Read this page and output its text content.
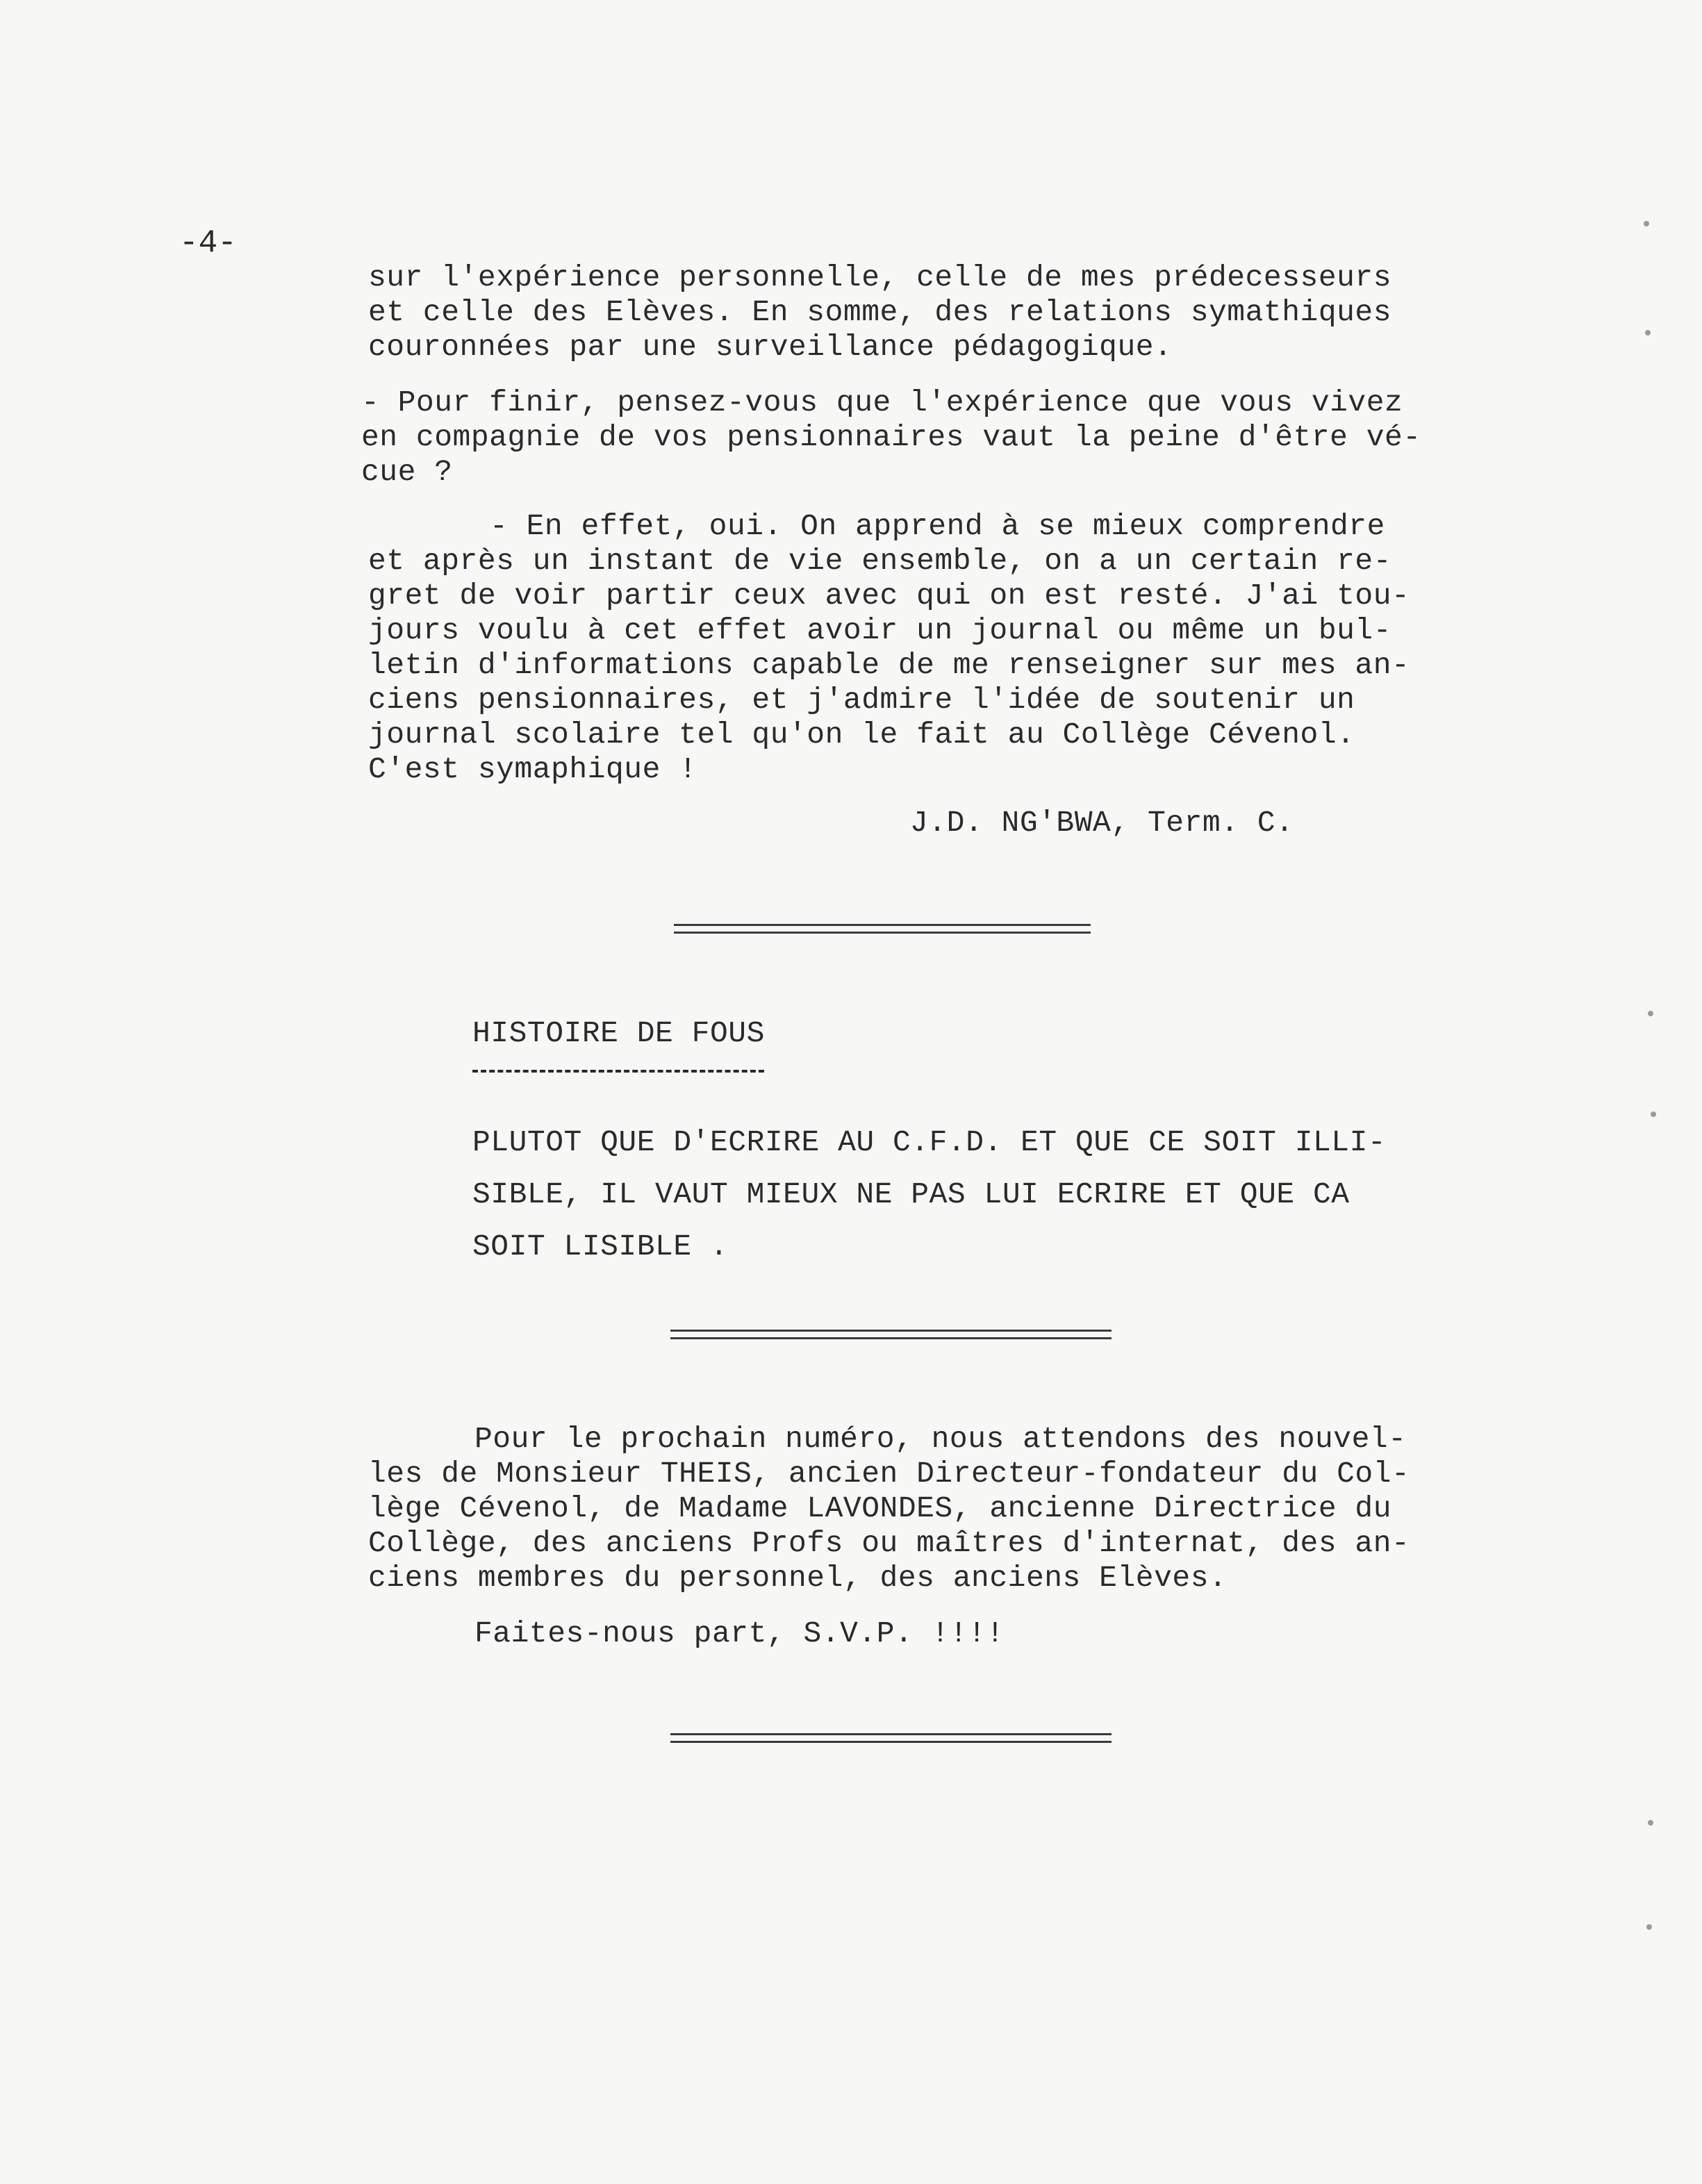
-4-

sur l'expérience personnelle, celle de mes prédecesseurs

et celle des Elèves. En somme, des relations symathiques

couronnées par une surveillance pédagogique.

- Pour finir, pensez-vous que l'expérience que vous vivez

en compagnie de vos pensionnaires vaut la peine d'être vé-

cue ?

- En effet, oui. On apprend à se mieux comprendre

et après un instant de vie ensemble, on a un certain re-

gret de voir partir ceux avec qui on est resté. J'ai tou-

jours voulu à cet effet avoir un journal ou même un bul-

letin d'informations capable de me renseigner sur mes an-

ciens pensionnaires, et j'admire l'idée de soutenir un

journal scolaire tel qu'on le fait au Collège Cévenol.

C'est symaphique !

J.D. NG'BWA, Term. C.

HISTOIRE DE FOUS

PLUTOT QUE D'ECRIRE AU C.F.D. ET QUE CE SOIT ILLI-

SIBLE, IL VAUT MIEUX NE PAS LUI ECRIRE ET QUE CA

SOIT LISIBLE .

Pour le prochain numéro, nous attendons des nouvel-

les de Monsieur THEIS, ancien Directeur-fondateur du Col-

lège Cévenol, de Madame LAVONDES, ancienne Directrice du

Collège, des anciens Profs ou maîtres d'internat, des an-

ciens membres du personnel, des anciens Elèves.

Faites-nous part, S.V.P. !!!!
